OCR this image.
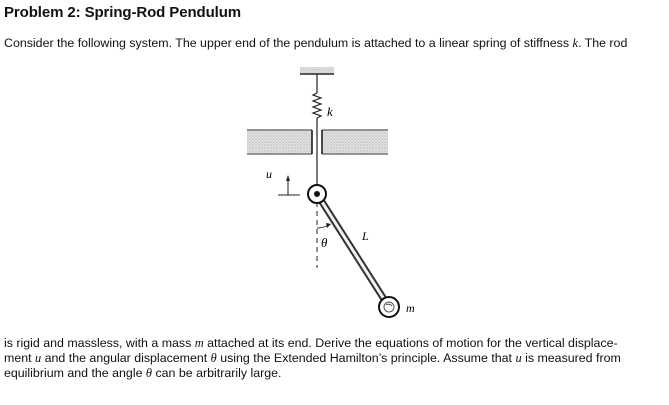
Problem 2: Spring-Rod Pendulum
Consider the following system. The upper end of the pendulum is attached to a linear spring of stiffness k. The rod
k
u
θ	L
m
is rigid and massless, with a mass m attached at its end. Derive the equations of motion for the vertical displace-
ment u and the angular displacement θ using the Extended Hamilton’s principle. Assume that u is measured from
equilibrium and the angle θ can be arbitrarily large.
